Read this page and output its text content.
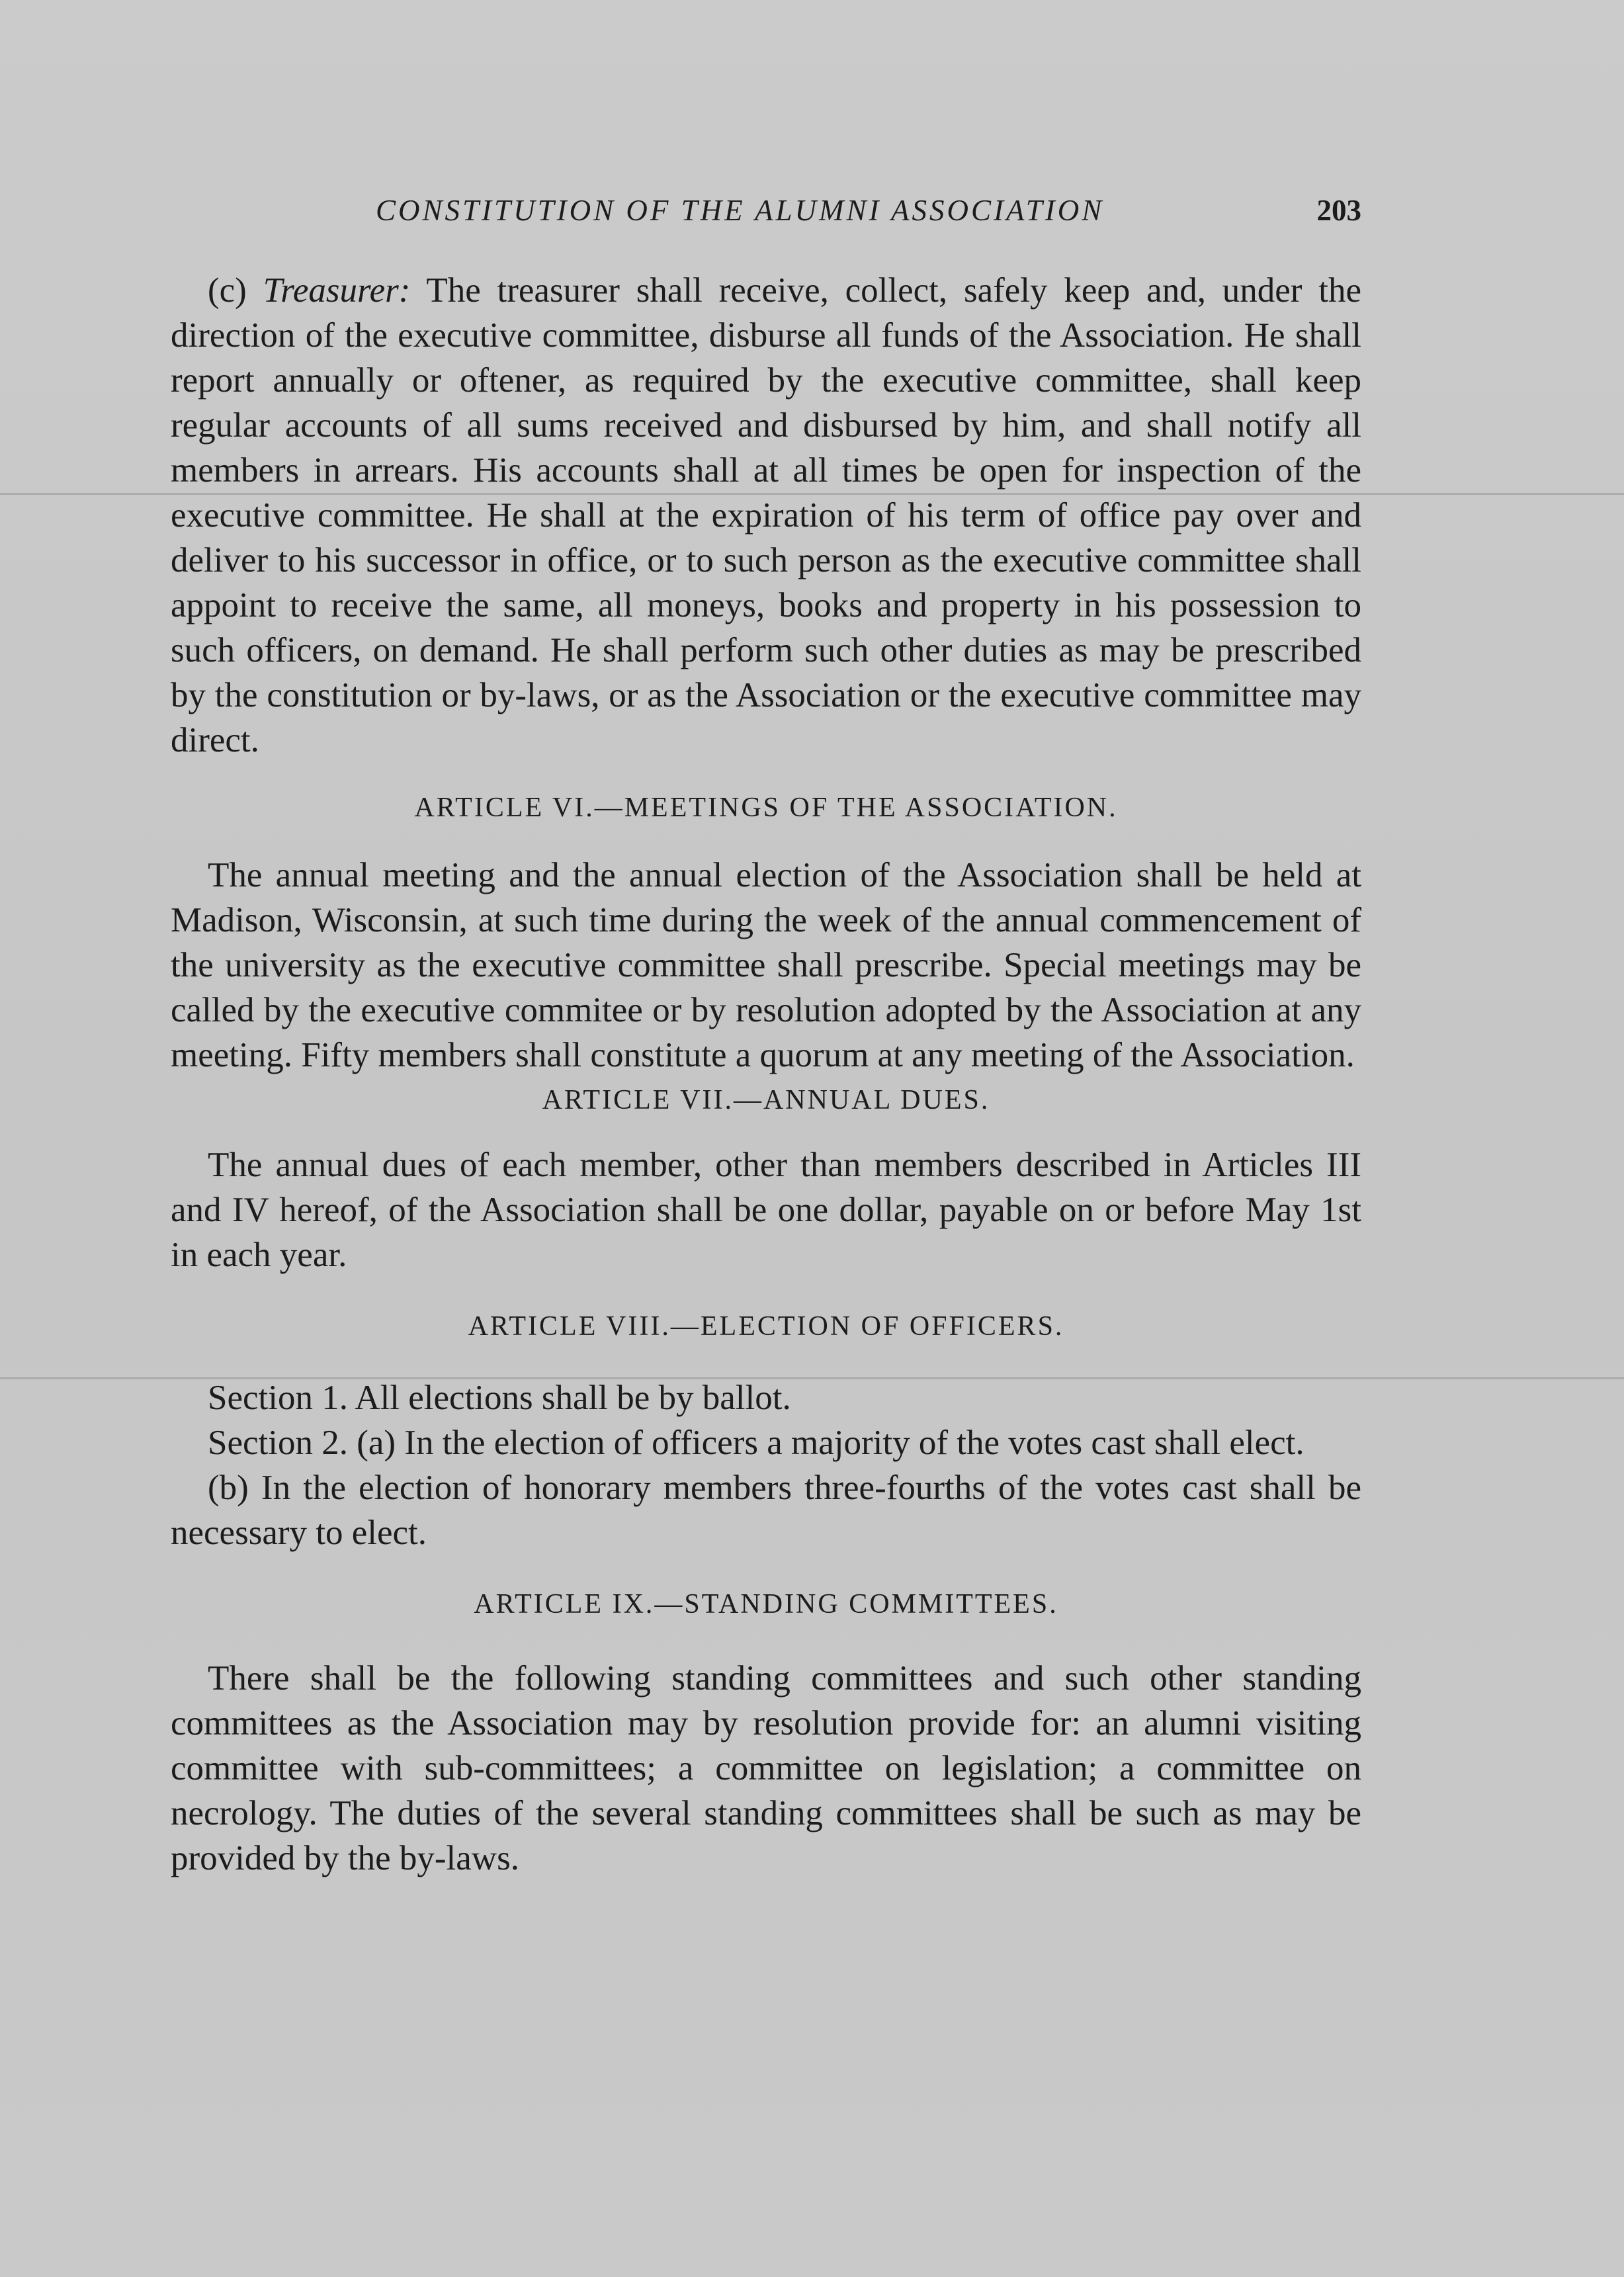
CONSTITUTION OF THE ALUMNI ASSOCIATION	203

(c) Treasurer: The treasurer shall receive, collect, safely keep and, under the direction of the executive committee, disburse all funds of the Association. He shall report annually or oftener, as required by the executive committee, shall keep regular accounts of all sums received and disbursed by him, and shall notify all members in arrears. His accounts shall at all times be open for inspection of the executive committee. He shall at the expiration of his term of office pay over and deliver to his successor in office, or to such person as the executive committee shall appoint to receive the same, all moneys, books and property in his possession to such officers, on demand. He shall perform such other duties as may be prescribed by the constitution or by-laws, or as the Association or the executive committee may direct.

ARTICLE VI.—MEETINGS OF THE ASSOCIATION.

The annual meeting and the annual election of the Association shall be held at Madison, Wisconsin, at such time during the week of the annual commencement of the university as the executive committee shall prescribe. Special meetings may be called by the executive commitee or by resolution adopted by the Association at any meeting. Fifty members shall constitute a quorum at any meeting of the Association.

ARTICLE VII.—ANNUAL DUES.

The annual dues of each member, other than members described in Articles III and IV hereof, of the Association shall be one dollar, payable on or before May 1st in each year.

ARTICLE VIII.—ELECTION OF OFFICERS.

Section 1. All elections shall be by ballot.

Section 2. (a) In the election of officers a majority of the votes cast shall elect.

(b) In the election of honorary members three-fourths of the votes cast shall be necessary to elect.

ARTICLE IX.—STANDING COMMITTEES.

There shall be the following standing committees and such other standing committees as the Association may by resolution provide for: an alumni visiting committee with sub-committees; a committee on legislation; a committee on necrology. The duties of the several standing committees shall be such as may be provided by the by-laws.
